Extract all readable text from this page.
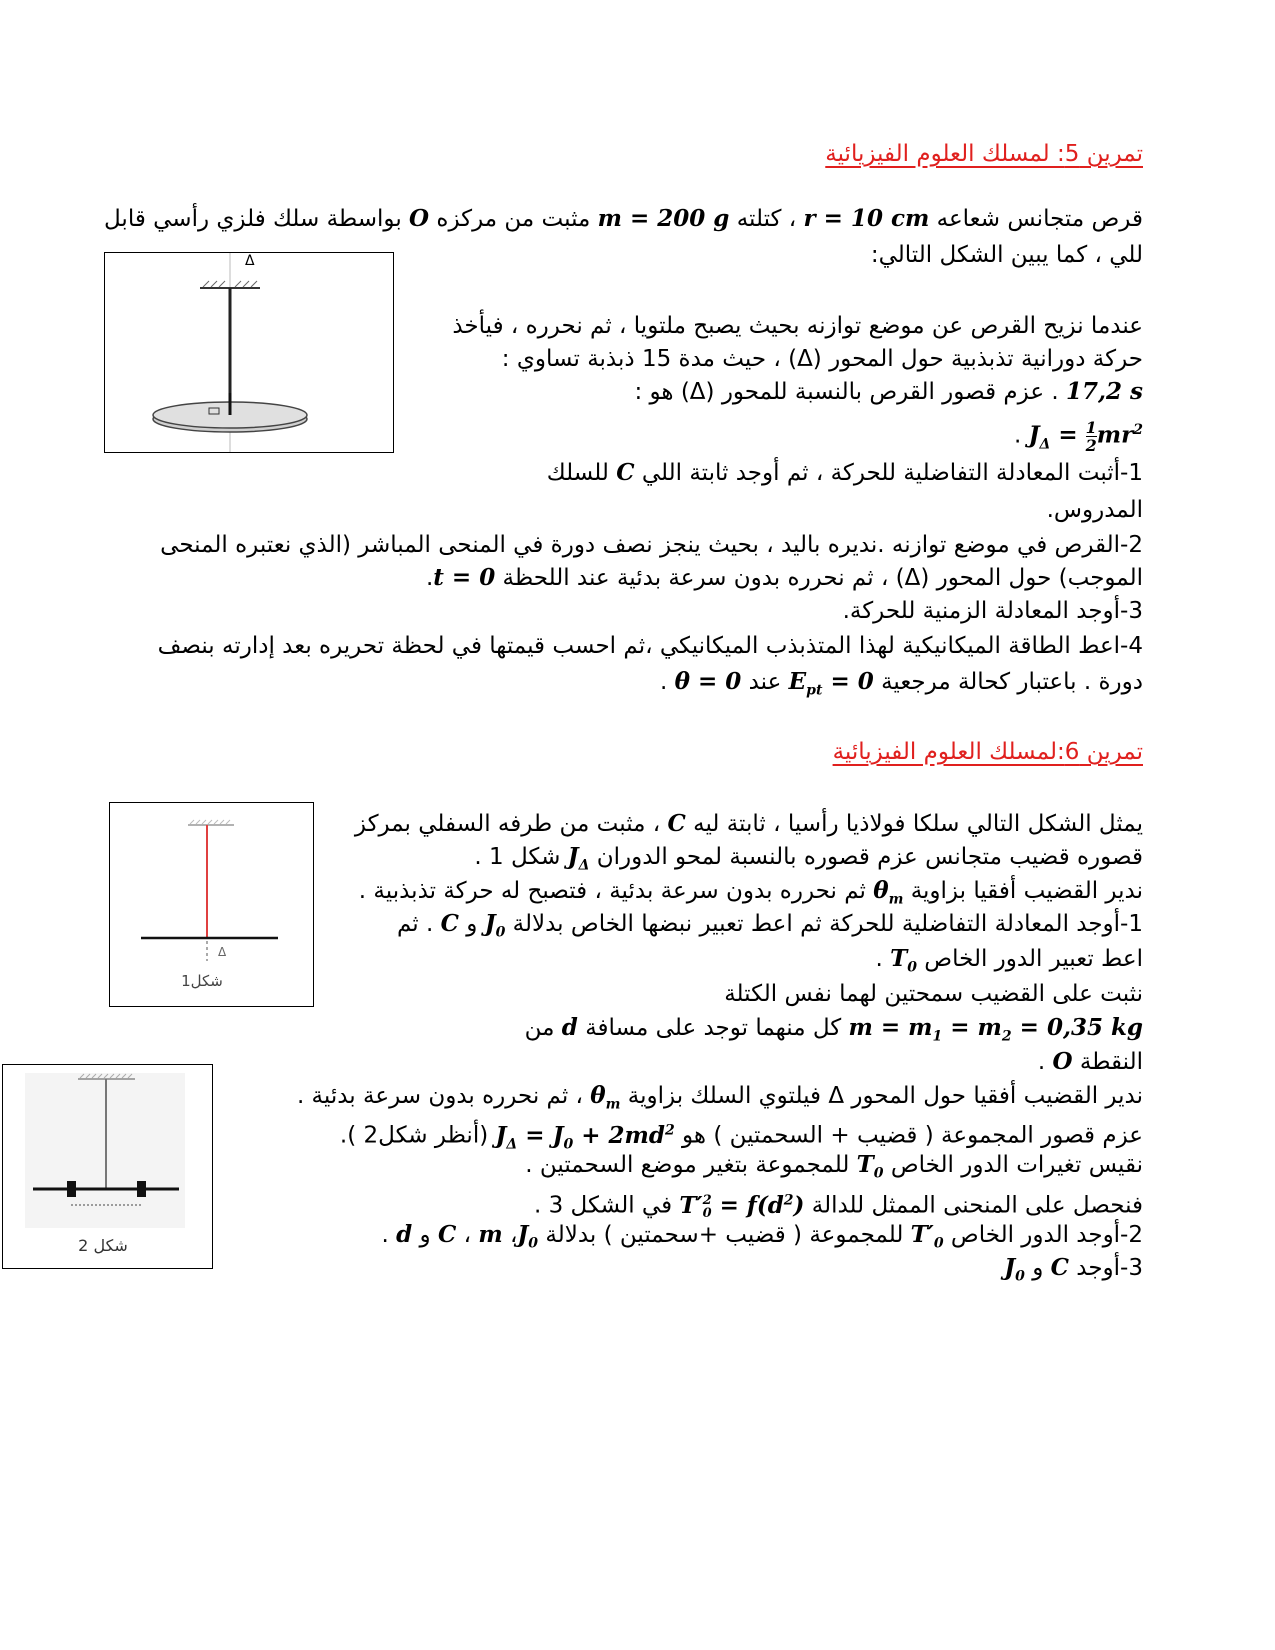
تمرين 5: لمسلك العلوم الفيزيائية
قرص متجانس شعاعه r = 10 cm ، كتلته m = 200 g مثبت من مركزه O بواسطة سلك فلزي رأسي قابل
للي ، كما يبين الشكل التالي:
عندما نزيح القرص عن موضع توازنه بحيث يصبح ملتويا ، ثم نحرره ، فيأخذ
حركة دورانية تذبذبية حول المحور (Δ) ، حيث مدة 15 ذبذبة تساوي :
17,2 s . عزم قصور القرص بالنسبة للمحور (Δ) هو :
$J_\Delta = \frac{1}{2} mr^2$ .
1-أثبت المعادلة التفاضلية للحركة ، ثم أوجد ثابتة اللي C للسلك
المدروس.
2-القرص في موضع توازنه .نديره باليد ، بحيث ينجز نصف دورة في المنحى المباشر (الذي نعتبره المنحى
الموجب) حول المحور (Δ) ، ثم نحرره بدون سرعة بدئية عند اللحظة t = 0.
3-أوجد المعادلة الزمنية للحركة.
4-اعط الطاقة الميكانيكية لهذا المتذبذب الميكانيكي ،ثم احسب قيمتها في لحظة تحريره بعد إدارته بنصف
دورة . باعتبار كحالة مرجعية $E_{pt} = 0$ عند θ = 0 .
Δ
تمرين 6:لمسلك العلوم الفيزيائية
يمثل الشكل التالي سلكا فولاذيا رأسيا ، ثابتة ليه C ، مثبت من طرفه السفلي بمركز
قصوره قضيب متجانس عزم قصوره بالنسبة لمحو الدوران $J_\Delta$ شكل 1 .
ندير القضيب أفقيا بزاوية $\theta_m$ ثم نحرره بدون سرعة بدئية ، فتصبح له حركة تذبذبية .
1-أوجد المعادلة التفاضلية للحركة ثم اعط تعبير نبضها الخاص بدلالة $J_0$ و C . ثم
اعط تعبير الدور الخاص $T_0$ .
نثبت على القضيب سمحتين لهما نفس الكتلة
$m = m_1 = m_2 = 0,35$ kg كل منهما توجد على مسافة d من
النقطة O .
ندير القضيب أفقيا حول المحور Δ فيلتوي السلك بزاوية $\theta_m$ ، ثم نحرره بدون سرعة بدئية .
عزم قصور المجموعة ( قضيب + السحمتين ) هو $J_\Delta = J_0 + 2md^2$ (أنظر شكل2 ).
نقيس تغيرات الدور الخاص $T_0$ للمجموعة بتغير موضع السحمتين .
فنحصل على المنحنى الممثل للدالة T′ 2
$0 = f(d^2)$ في الشكل 3 .
2-أوجد الدور الخاص $T'_0$ للمجموعة ( قضيب +سحمتين ) بدلالة $J_0،$ m ، C و d .
3-أوجد C و $J_0$
Δ
شكل1
شكل 2
